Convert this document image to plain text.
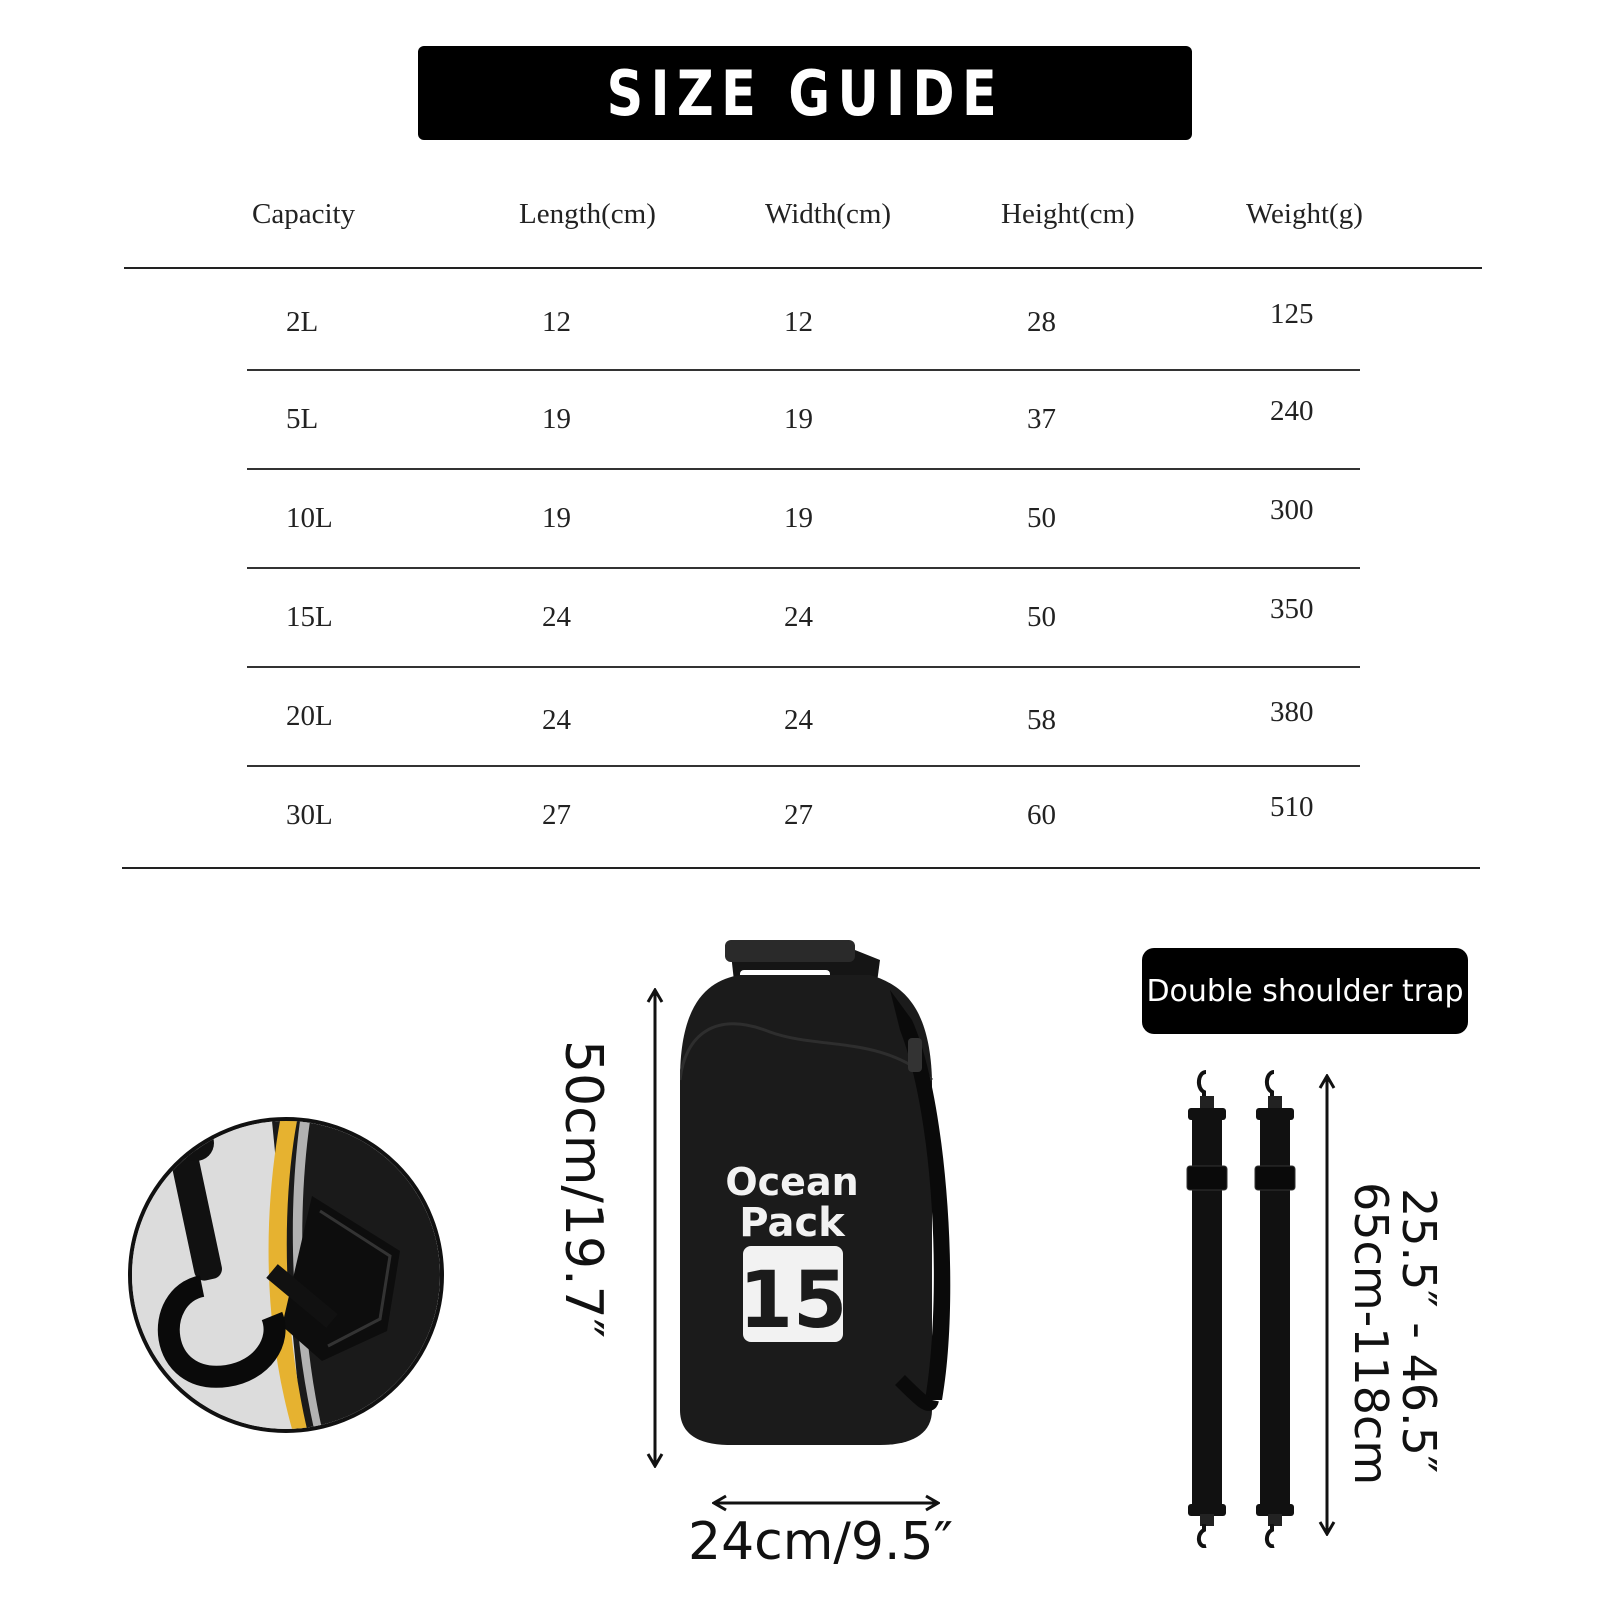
SIZE GUIDE
Capacity	Length(cm)	Width(cm)	Height(cm)	Weight(g)
2L	12	12	28	125
5L	19	19	37	240
10L	19	19	50	300
15L	24	24	50	350
20L	24	24	58	380
30L	27	27	60	510
Ocean
Pack
15
50cm/19.7″
24cm/9.5″
Double shoulder trap
25.5″ - 46.5″
65cm-118cm
